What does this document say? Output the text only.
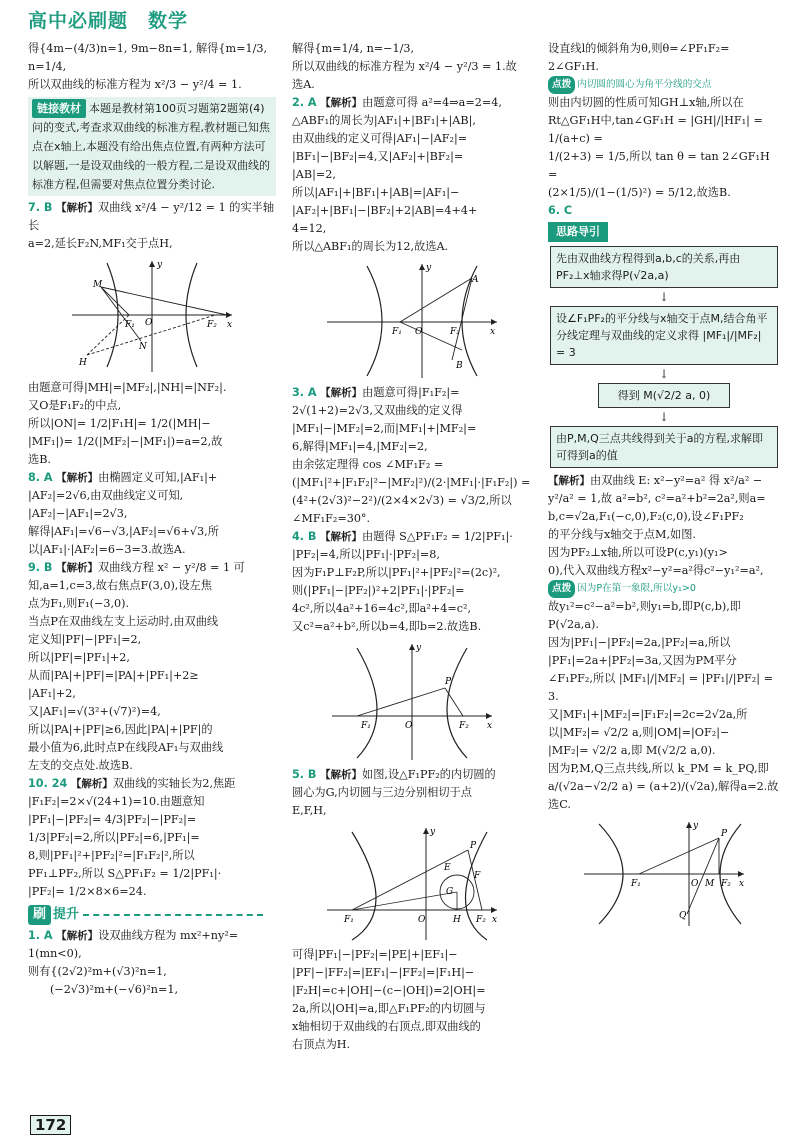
高中必刷题　数学

得{4m−(4/3)n=1, 9m−8n=1, 解得{m=1/3, n=1/4,

所以双曲线的标准方程为 x²/3 − y²/4 = 1.

链接教材 本题是教材第100页习题第2题第(4)问的变式,考查求双曲线的标准方程,教材题已知焦点在x轴上,本题没有给出焦点位置,有两种方法可以解题,一是设双曲线的一般方程,二是设双曲线的标准方程,但需要对焦点位置分类讨论.

7. B 【解析】双曲线 x²/4 − y²/12 = 1 的实半轴长

a=2,延长F₂N,MF₁交于点H,

M
F₁	F₂
O
N
H
y
x

由题意可得|MH|=|MF₂|,|NH|=|NF₂|.

又O是F₁F₂的中点,

所以|ON|= 1/2|F₁H|= 1/2(|MH|−

|MF₁|)= 1/2(|MF₂|−|MF₁|)=a=2,故

选B.

8. A 【解析】由椭圆定义可知,|AF₁|+

|AF₂|=2√6,由双曲线定义可知,

|AF₂|−|AF₁|=2√3,

解得|AF₁|=√6−√3,|AF₂|=√6+√3,所

以|AF₁|·|AF₂|=6−3=3.故选A.

9. B 【解析】双曲线方程 x² − y²/8 = 1 可

知,a=1,c=3,故右焦点F(3,0),设左焦

点为F₁,则F₁(−3,0).

当点P在双曲线左支上运动时,由双曲线

定义知|PF|−|PF₁|=2,

所以|PF|=|PF₁|+2,

从而|PA|+|PF|=|PA|+|PF₁|+2≥

|AF₁|+2,

又|AF₁|=√(3²+(√7)²)=4,

所以|PA|+|PF|≥6,因此|PA|+|PF|的

最小值为6,此时点P在线段AF₁与双曲线

左支的交点处.故选B.

10. 24 【解析】双曲线的实轴长为2,焦距

|F₁F₂|=2×√(24+1)=10.由题意知

|PF₁|−|PF₂|= 4/3|PF₂|−|PF₂|=

1/3|PF₂|=2,所以|PF₂|=6,|PF₁|=

8,则|PF₁|²+|PF₂|²=|F₁F₂|²,所以

PF₁⊥PF₂,所以 S△PF₁F₂ = 1/2|PF₁|·

|PF₂|= 1/2×8×6=24.

刷 提升

1. A 【解析】设双曲线方程为 mx²+ny²=

1(mn<0),

则有{(2√2)²m+(√3)²n=1,

(−2√3)²m+(−√6)²n=1,

解得{m=1/4, n=−1/3,

所以双曲线的标准方程为 x²/4 − y²/3 = 1.故

选A.

2. A 【解析】由题意可得 a²=4⇒a=2=4,

△ABF₁的周长为|AF₁|+|BF₁|+|AB|,

由双曲线的定义可得|AF₁|−|AF₂|=

|BF₁|−|BF₂|=4,又|AF₂|+|BF₂|=

|AB|=2,

所以|AF₁|+|BF₁|+|AB|=|AF₁|−

|AF₂|+|BF₁|−|BF₂|+2|AB|=4+4+

4=12,

所以△ABF₁的周长为12,故选A.

A
B
F₁	F₂
O
y
x

3. A 【解析】由题意可得|F₁F₂|=

2√(1+2)=2√3,又双曲线的定义得

|MF₁|−|MF₂|=2,而|MF₁|+|MF₂|=

6,解得|MF₁|=4,|MF₂|=2,

由余弦定理得 cos ∠MF₁F₂ =

(|MF₁|²+|F₁F₂|²−|MF₂|²)/(2·|MF₁|·|F₁F₂|) =

(4²+(2√3)²−2²)/(2×4×2√3) = √3/2,所以∠MF₁F₂=30°.

4. B 【解析】由题得 S△PF₁F₂ = 1/2|PF₁|·

|PF₂|=4,所以|PF₁|·|PF₂|=8,

因为F₁P⊥F₂P,所以|PF₁|²+|PF₂|²=(2c)²,

则(|PF₁|−|PF₂|)²+2|PF₁|·|PF₂|=

4c²,所以4a²+16=4c²,即a²+4=c²,

又c²=a²+b²,所以b=4,即b=2.故选B.

P
F₁	F₂
O
y
x

5. B 【解析】如图,设△F₁PF₂的内切圆的

圆心为G,内切圆与三边分别相切于点

E,F,H,

P
E
F
G
H
F₁	F₂
O
y
x

可得|PF₁|−|PF₂|=|PE|+|EF₁|−

|PF|−|FF₂|=|EF₁|−|FF₂|=|F₁H|−

|F₂H|=c+|OH|−(c−|OH|)=2|OH|=

2a,所以|OH|=a,即△F₁PF₂的内切圆与

x轴相切于双曲线的右顶点,即双曲线的

右顶点为H.

设直线l的倾斜角为θ,则θ=∠PF₁F₂=

2∠GF₁H.

点拨 内切圆的圆心为角平分线的交点

则由内切圆的性质可知GH⊥x轴,所以在

Rt△GF₁H中,tan∠GF₁H = |GH|/|HF₁| = 1/(a+c) =

1/(2+3) = 1/5,所以 tan θ = tan 2∠GF₁H =

(2×1/5)/(1−(1/5)²) = 5/12,故选B.

6. C

思路导引
先由双曲线方程得到a,b,c的关系,再由PF₂⊥x轴求得P(√2a,a)
↓
设∠F₁PF₂的平分线与x轴交于点M,结合角平分线定理与双曲线的定义求得 |MF₁|/|MF₂| = 3
↓
得到 M(√2/2 a, 0)
↓
由P,M,Q三点共线得到关于a的方程,求解即可得到a的值

【解析】由双曲线 E: x²−y²=a² 得 x²/a² −

y²/a² = 1,故 a²=b², c²=a²+b²=2a²,则a=

b,c=√2a,F₁(−c,0),F₂(c,0),设∠F₁PF₂

的平分线与x轴交于点M,如图.

因为PF₂⊥x轴,所以可设P(c,y₁)(y₁>

0),代入双曲线方程x²−y²=a²得c²−y₁²=a²,

点拨 因为P在第一象限,所以y₁>0

故y₁²=c²−a²=b²,则y₁=b,即P(c,b),即

P(√2a,a).

因为|PF₁|−|PF₂|=2a,|PF₂|=a,所以

|PF₁|=2a+|PF₂|=3a,又因为PM平分

∠F₁PF₂,所以 |MF₁|/|MF₂| = |PF₁|/|PF₂| = 3.

又|MF₁|+|MF₂|=|F₁F₂|=2c=2√2a,所

以|MF₂|= √2/2 a,则|OM|=|OF₂|−

|MF₂|= √2/2 a,即 M(√2/2 a,0).

因为P,M,Q三点共线,所以 k_PM = k_PQ,即

a/(√2a−√2/2 a) = (a+2)/(√2a),解得a=2.故选C.

P
F₁	F₂
M
O
Q
y
x
172
